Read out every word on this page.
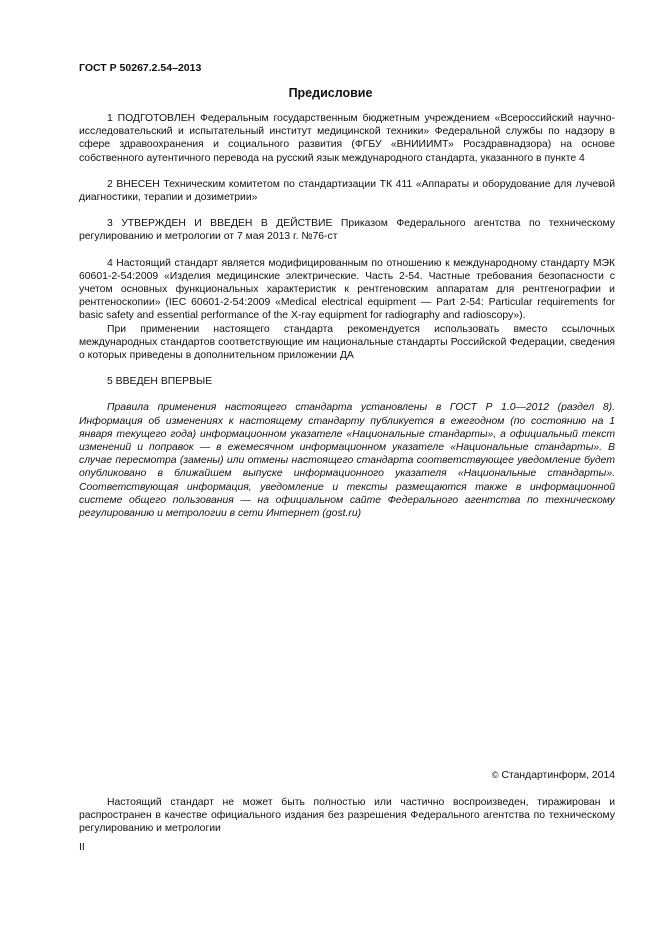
ГОСТ Р 50267.2.54–2013
Предисловие

1 ПОДГОТОВЛЕН Федеральным государственным бюджетным учреждением «Всероссийский научно-исследовательский и испытательный институт медицинской техники» Федеральной службы по надзору в сфере здравоохранения и социального развития (ФГБУ «ВНИИИМТ» Росздравнадзора) на основе собственного аутентичного перевода на русский язык международного стандарта, указанного в пункте 4

2 ВНЕСЕН Техническим комитетом по стандартизации ТК 411 «Аппараты и оборудование для лучевой диагностики, терапии и дозиметрии»

3 УТВЕРЖДЕН И ВВЕДЕН В ДЕЙСТВИЕ Приказом Федерального агентства по техническому регулированию и метрологии от 7 мая 2013 г. №76-ст

4 Настоящий стандарт является модифицированным по отношению к международному стандарту МЭК 60601-2-54:2009 «Изделия медицинские электрические. Часть 2-54. Частные требования безопасности с учетом основных функциональных характеристик к рентгеновским аппаратам для рентгенографии и рентгеноскопии» (IEC 60601-2-54:2009 «Medical electrical equipment — Part 2-54: Particular requirements for basic safety and essential performance of the X-ray equipment for radiography and radioscopy»).

При применении настоящего стандарта рекомендуется использовать вместо ссылочных международных стандартов соответствующие им национальные стандарты Российской Федерации, сведения о которых приведены в дополнительном приложении ДА

5 ВВЕДЕН ВПЕРВЫЕ

Правила применения настоящего стандарта установлены в ГОСТ Р 1.0—2012 (раздел 8). Информация об изменениях к настоящему стандарту публикуется в ежегодном (по состоянию на 1 января текущего года) информационном указателе «Национальные стандарты», а официальный текст изменений и поправок — в ежемесячном информационном указателе «Национальные стандарты». В случае пересмотра (замены) или отмены настоящего стандарта соответствующее уведомление будет опубликовано в ближайшем выпуске информационного указателя «Национальные стандарты». Соответствующая информация, уведомление и тексты размещаются также в информационной системе общего пользования — на официальном сайте Федерального агентства по техническому регулированию и метрологии в сети Интернет (gost.ru)

© Стандартинформ, 2014

Настоящий стандарт не может быть полностью или частично воспроизведен, тиражирован и распространен в качестве официального издания без разрешения Федерального агентства по техническому регулированию и метрологии

II
